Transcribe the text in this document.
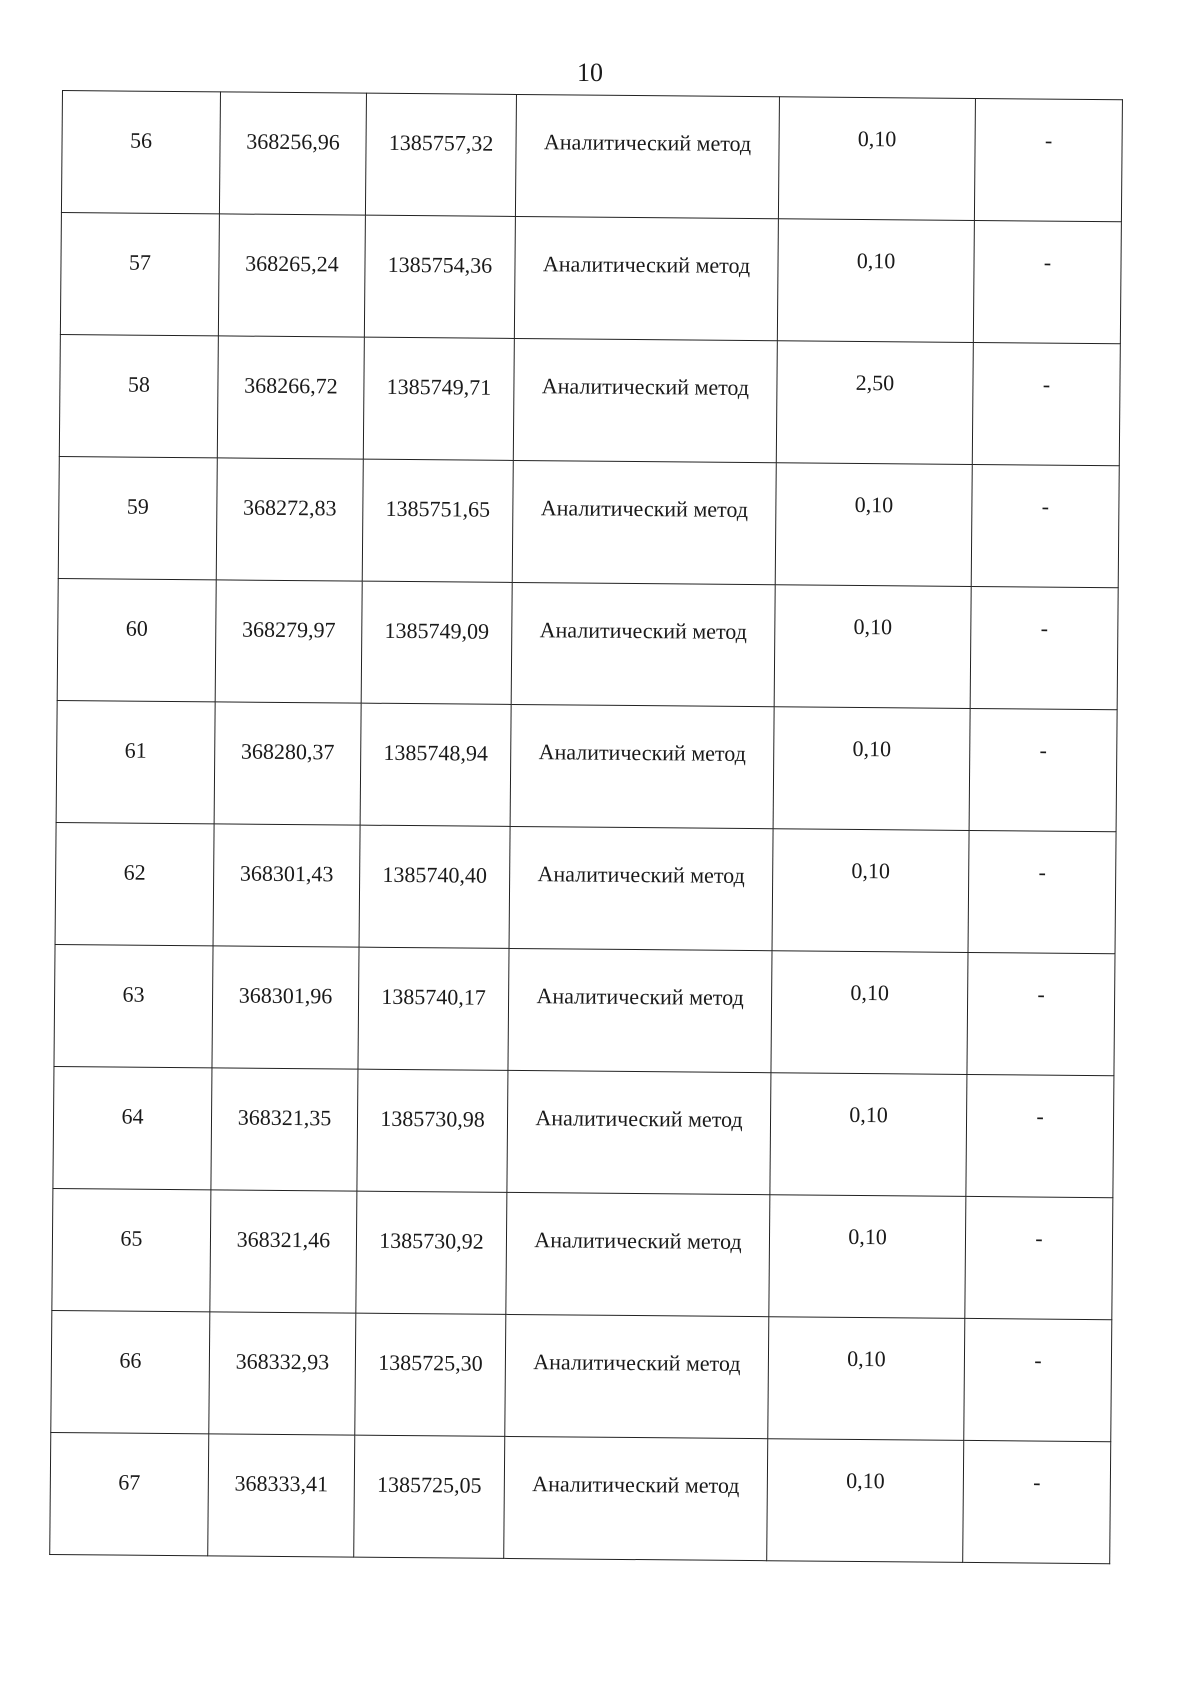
10
56	368256,96	1385757,32	Аналитический метод	0,10	-

57	368265,24	1385754,36	Аналитический метод	0,10	-

58	368266,72	1385749,71	Аналитический метод	2,50	-

59	368272,83	1385751,65	Аналитический метод	0,10	-

60	368279,97	1385749,09	Аналитический метод	0,10	-

61	368280,37	1385748,94	Аналитический метод	0,10	-

62	368301,43	1385740,40	Аналитический метод	0,10	-

63	368301,96	1385740,17	Аналитический метод	0,10	-

64	368321,35	1385730,98	Аналитический метод	0,10	-

65	368321,46	1385730,92	Аналитический метод	0,10	-

66	368332,93	1385725,30	Аналитический метод	0,10	-

67	368333,41	1385725,05	Аналитический метод	0,10	-
